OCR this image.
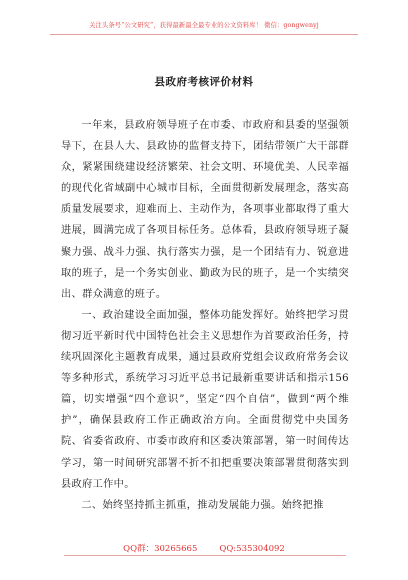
关注头条号“公文研究”，获得最新最全最专业的公文资料库！ 微信：gongwenyj
县政府考核评价材料

一年来，县政府领导班子在市委、市政府和县委的坚强领导下，在县人大、县政协的监督支持下，团结带领广大干部群众，紧紧围绕建设经济繁荣、社会文明、环境优美、人民幸福的现代化省域副中心城市目标，全面贯彻新发展理念，落实高质量发展要求，迎难而上、主动作为，各项事业都取得了重大进展，圆满完成了各项目标任务。总体看，县政府领导班子凝聚力强、战斗力强、执行落实力强，是一个团结有力、锐意进取的班子，是一个务实创业、勤政为民的班子，是一个实绩突出、群众满意的班子。

一、政治建设全面加强，整体功能发挥好。始终把学习贯彻习近平新时代中国特色社会主义思想作为首要政治任务，持续巩固深化主题教育成果，通过县政府党组会议政府常务会议等多种形式，系统学习习近平总书记最新重要讲话和指示156篇，切实增强“四个意识”，坚定“四个自信”，做到“两个维护”，确保县政府工作正确政治方向。全面贯彻党中央国务院、省委省政府、市委市政府和区委决策部署，第一时间传达学习，第一时间研究部署不折不扣把重要决策部署贯彻落实到县政府工作中。

二、始终坚持抓主抓重，推动发展能力强。始终把推

QQ群：30265665	QQ:535304092
